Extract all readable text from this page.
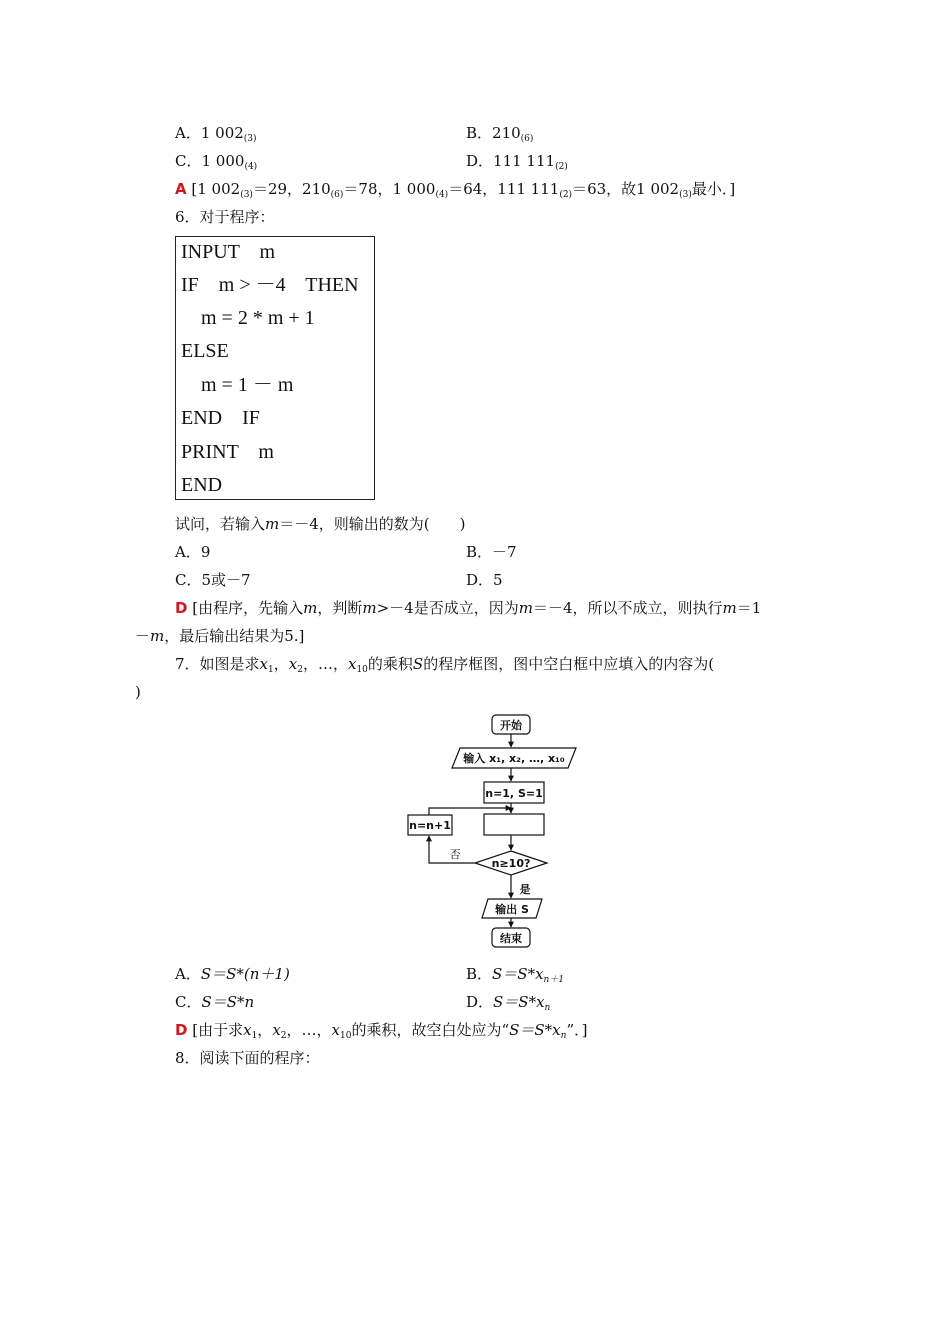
A．1 $002_{(3)}$	B．$210_{(6)}$
C．1 $000_{(4)}$	D．111 $111_{(2)}$
A [1 $002_{(3)}=29$，$210_{(6)}=78$，1 $000_{(4)}=64$，111 $111_{(2)}=63$，故1 $002_{(3)}$最小．]
6．对于程序：
INPUT    m
IF    m > －4    THEN
m = 2 * m + 1
ELSE
m = 1 － m
END    IF
PRINT    m
END
试问，若输入m＝－4，则输出的数为(　　)
A．9	B．－7
C．5或－7	D．5
D [由程序，先输入m，判断m>－4是否成立，因为m＝－4，所以不成立，则执行m＝1
－m，最后输出结果为5.]
7．如图是求$x_1$，$x_2$，…，$x_{10}$的乘积S的程序框图，图中空白框中应填入的内容为(
)
开始
输入 x₁, x₂, …, x₁₀
n=1, S=1
n=n+1
否
n≥10?
是
输出 S
结束
A．S＝S*(n＋1)	B．$S=S*x_{n+1}$
C．S＝S*n	D．$S=S*x_n$
D [由于求$x_1$，$x_2$，…，$x_{10}$的乘积，故空白处应为“$S=S*x_n$”．]
8．阅读下面的程序：
